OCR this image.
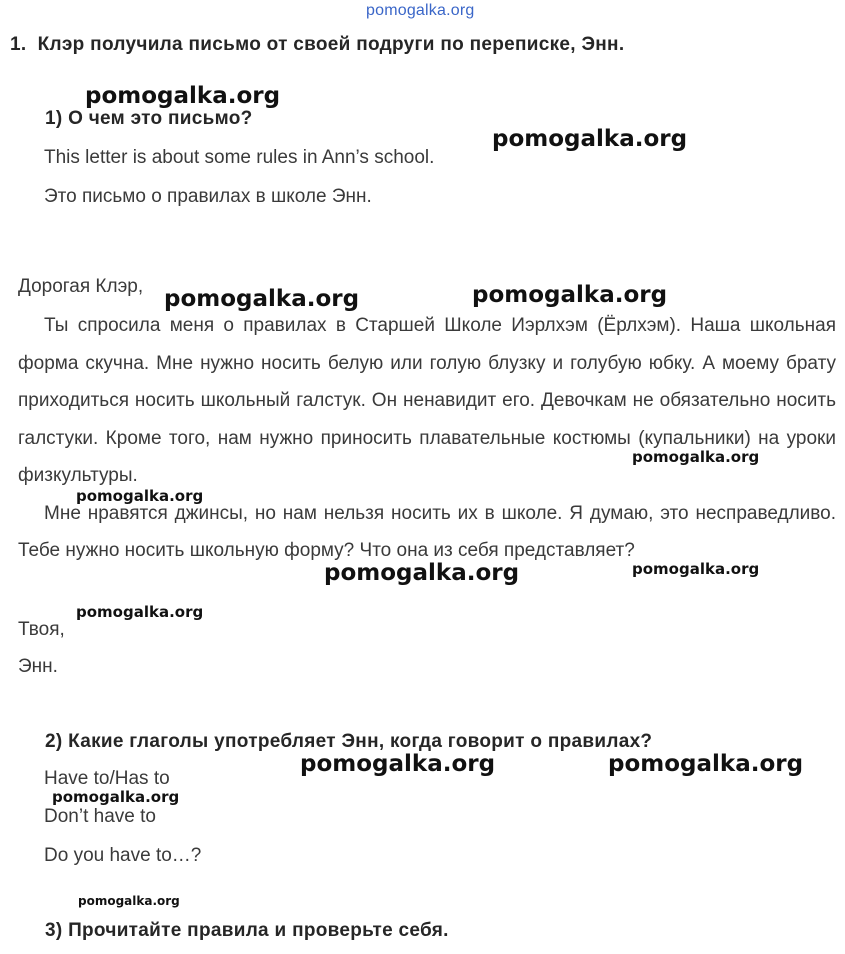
pomogalka.org
1. Клэр получила письмо от своей подруги по переписке, Энн.
1) О чем это письмо?
This letter is about some rules in Ann’s school.
Это письмо о правилах в школе Энн.
Дорогая Клэр,

Ты спросила меня о правилах в Старшей Школе Иэрлхэм (Ёрлхэм). Наша школьная форма скучна. Мне нужно носить белую или голую блузку и голубую юбку. А моему брату приходиться носить школьный галстук. Он ненавидит его. Девочкам не обязательно носить галстуки. Кроме того, нам нужно приносить плавательные костюмы (купальники) на уроки физкультуры.

Мне нравятся джинсы, но нам нельзя носить их в школе. Я думаю, это несправедливо. Тебе нужно носить школьную форму? Что она из себя представляет?

Твоя,
Энн.
2) Какие глаголы употребляет Энн, когда говорит о правилах?
Have to/Has to
Don’t have to
Do you have to…?
3) Прочитайте правила и проверьте себя.
pomogalka.org
pomogalka.org
pomogalka.org	pomogalka.org
pomogalka.org
pomogalka.org
pomogalka.org	pomogalka.org
pomogalka.org
pomogalka.org	pomogalka.org
pomogalka.org
pomogalka.org
